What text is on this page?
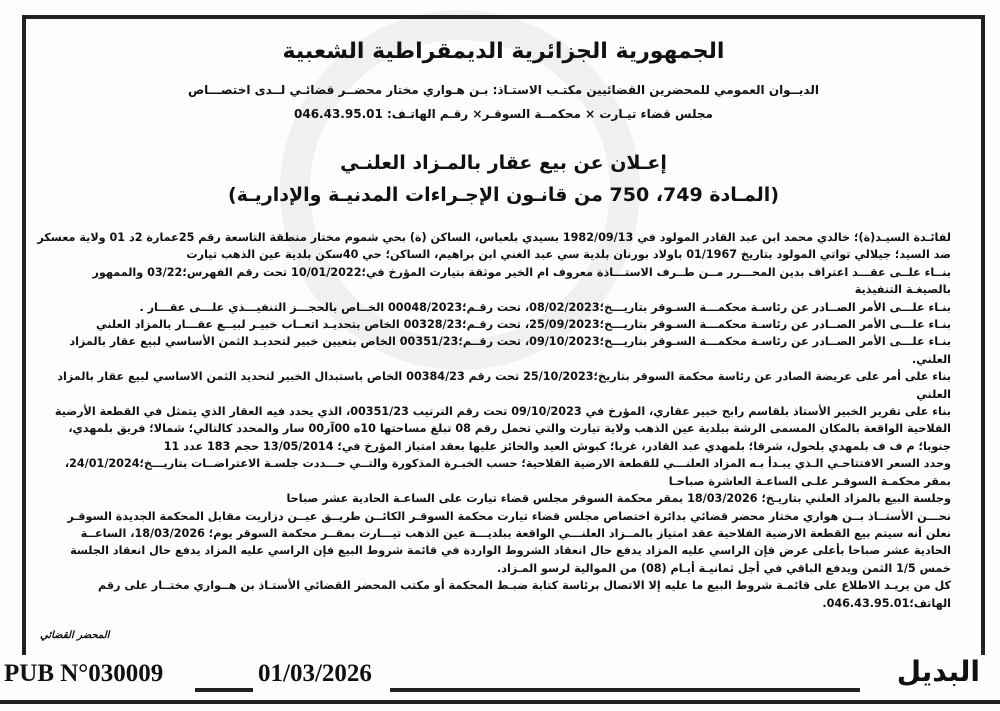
الجمهورية الجزائرية الديمقراطية الشعبية
الديــوان العمومي للمحضرين القضائيين مكتـب الاستـاذ: بـن هـواري مختار محضــر قضائـي لــدى اختصـــاص
مجلس قضاء تيـارت × محكمــة السوقـر× رقـم الهاتـف: 046.43.95.01
إعـلان عن بيع عقار بالمـزاد العلنـي
(المـادة 749، 750 من قانـون الإجـراءات المدنيـة والإداريـة)

لفائـدة السيـد(ة)؛ خالدي محمد ابن عبد القادر المولود في 1982/09/13 بسيدي بلعباس، الساكن (ة) بحي شموم مختار منطقة التاسعة رقم 25عمارة 2د 01 ولاية معسكر

ضد السيد؛ جيلالي تواتي المولود بتاريخ 01/1967 باولاد بورنان بلدية سي عبد الغني ابن براهيم، الساكن؛ حي 40سكن بلدية عين الذهب تيارت

بنــاء علــى عقـــد اعتراف بدين المحـــرر مــن طــرف الاستـــاذة معروف ام الخير موثقة بتيارت المؤرخ في؛10/01/2022 تحت رقم الفهرس؛03/22 والممهور

بالصيغـة التنفيذية

بنـاء علـــى الأمر الصــادر عن رئاسـة محكمـــة السـوقر بتاريـــخ؛08/02/2023، تحت رقـم؛00048/2023 الخــاص بالحجـــز التنفيـــذي علـــى عقـــار .

بنـاء علـــى الأمر الصــادر عن رئاسـة محكمـــة السـوقر بتاريـــخ؛25/09/2023، تحت رقـم؛00328/23 الخاص بتحديـد اتعــاب خبيـر لبيــع عقـــار بالمزاد العلني

بنـاء علـــى الأمر الصــادر عن رئاسـة محكمـــة السـوقر بتاريـــخ؛09/10/2023، تحت رقــم؛00351/23 الخاص بتعيين خبير لتحديـد الثمن الأساسي لبيع عقار بالمزاد

العلني.

بناء على أمر على عريضة الصادر عن رئاسة محكمة السوقر بتاريخ؛25/10/2023 تحت رقم 00384/23 الخاص باستبدال الخبير لتحديد الثمن الاساسي لبيع عقار بالمزاد

العلني

بناء على تقرير الخبير الأستاذ بلقاسم رابح خبير عقاري، المؤرخ في 09/10/2023 تحت رقم الترتيب 00351/23، الذي يحدد فيه العقار الذي يتمثل في القطعة الأرضية

الفلاحية الواقعة بالمكان المسمى الرشة ببلدية عين الذهب ولاية تيارت والتي تحمل رقم 08 تبلغ مساحتها 10ه 00آر00 سار والمحدد كالتالي؛ شمالا؛ فريق بلمهدي،

جنوبا؛ م ف ف بلمهدي بلحول، شرقا؛ بلمهدي عبد القادر، غربا؛ كبوش العيد والحائز عليها بعقد امتياز المؤرخ في؛ 13/05/2014 حجم 183 عدد 11

وحدد السعر الافتتاحـي الـذي يبـدأ بـه المزاد العلنـــي للقطعة الارضية الفلاحية؛ حسب الخبـرة المذكورة والتــي حـــددت جلسـة الاعتراضــات بتاريـــخ؛24/01/2024،

بمقر محكمـة السوقـر علـى الساعـة العاشرة صباحـا

وجلسة البيع بالمزاد العلني بتاريـخ؛ 18/03/2026 بمقر محكمة السوقر مجلس قضاء تيارت على الساعـة الحادية عشر صباحا

نحـــن الأستــاذ بــن هواري مختار محضر قضائي بدائرة اختصاص مجلس قضاء تيارت محكمة السوقـر الكائــن طريــق عيــن دزاريت مقابل المحكمة الجديدة السوقـر

نعلن أنه سيتم بيع القطعة الارضية الفلاحية عقد امتياز بالمــزاد العلنـــي الواقعة ببلديـــة عين الذهب تيـــارت بمقــر محكمة السوقر يوم؛ 18/03/2026، الساعــة

الحادية عشر صباحا بأعلى عرض فإن الراسي عليه المزاد يدفع حال انعقاد الشروط الواردة في قائمة شروط البيع فإن الراسي عليه المزاد يدفع حال انعقاد الجلسة

خمس 1/5 الثمن ويدفع الباقي في أجل ثمانيـة أيـام (08) من الموالية لرسو المـزاد.

كل من يريـد الاطلاع على قائمـة شروط البيع ما عليه إلا الاتصال برئاسة كتابة ضبـط المحكمة أو مكتب المحضر القضائي الأستـاذ بن هــواري مختــار على رقم

الهاتف؛046.43.95.01.

المحضر القضائي
PUB N°030009	01/03/2026	البديل
